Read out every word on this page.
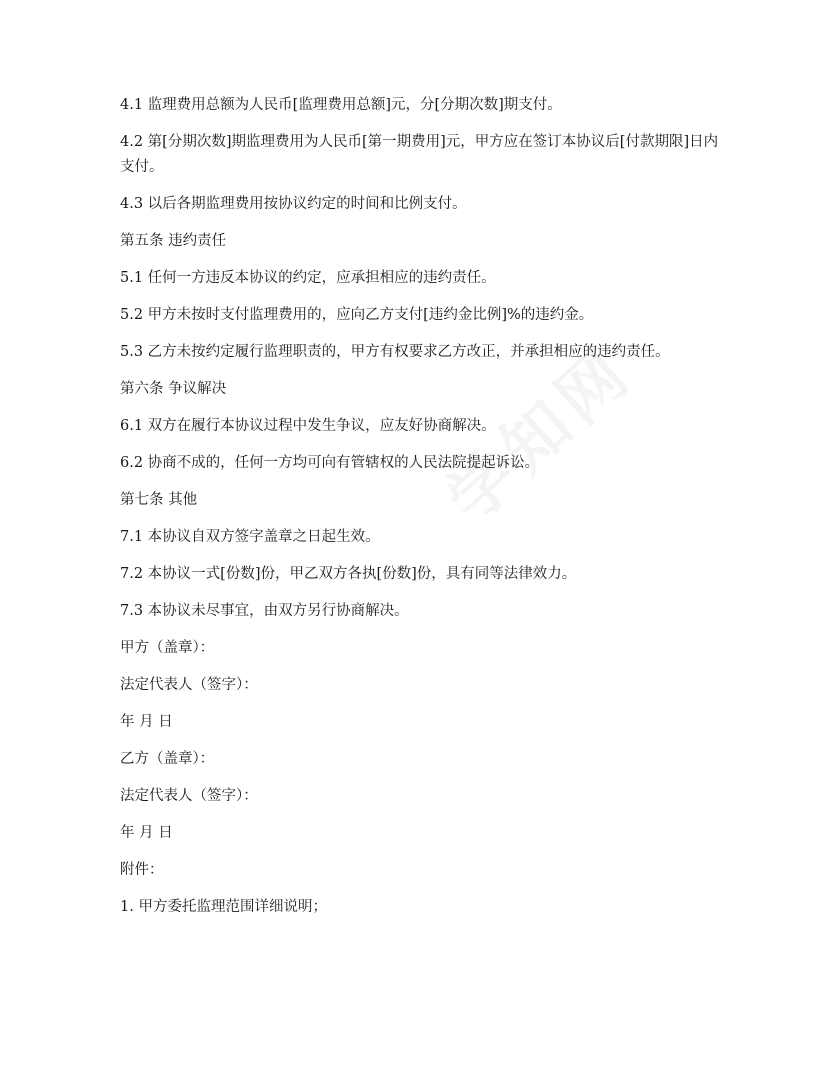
4.1 监理费用总额为人民币[监理费用总额]元，分[分期次数]期支付。

4.2 第[分期次数]期监理费用为人民币[第一期费用]元，甲方应在签订本协议后[付款期限]日内支付。

4.3 以后各期监理费用按协议约定的时间和比例支付。

第五条 违约责任

5.1 任何一方违反本协议的约定，应承担相应的违约责任。

5.2 甲方未按时支付监理费用的，应向乙方支付[违约金比例]%的违约金。

5.3 乙方未按约定履行监理职责的，甲方有权要求乙方改正，并承担相应的违约责任。

第六条 争议解决

6.1 双方在履行本协议过程中发生争议，应友好协商解决。

6.2 协商不成的，任何一方均可向有管辖权的人民法院提起诉讼。

第七条 其他

7.1 本协议自双方签字盖章之日起生效。

7.2 本协议一式[份数]份，甲乙双方各执[份数]份，具有同等法律效力。

7.3 本协议未尽事宜，由双方另行协商解决。

甲方（盖章）：

法定代表人（签字）：

年 月 日

乙方（盖章）：

法定代表人（签字）：

年 月 日

附件：

1. 甲方委托监理范围详细说明；
